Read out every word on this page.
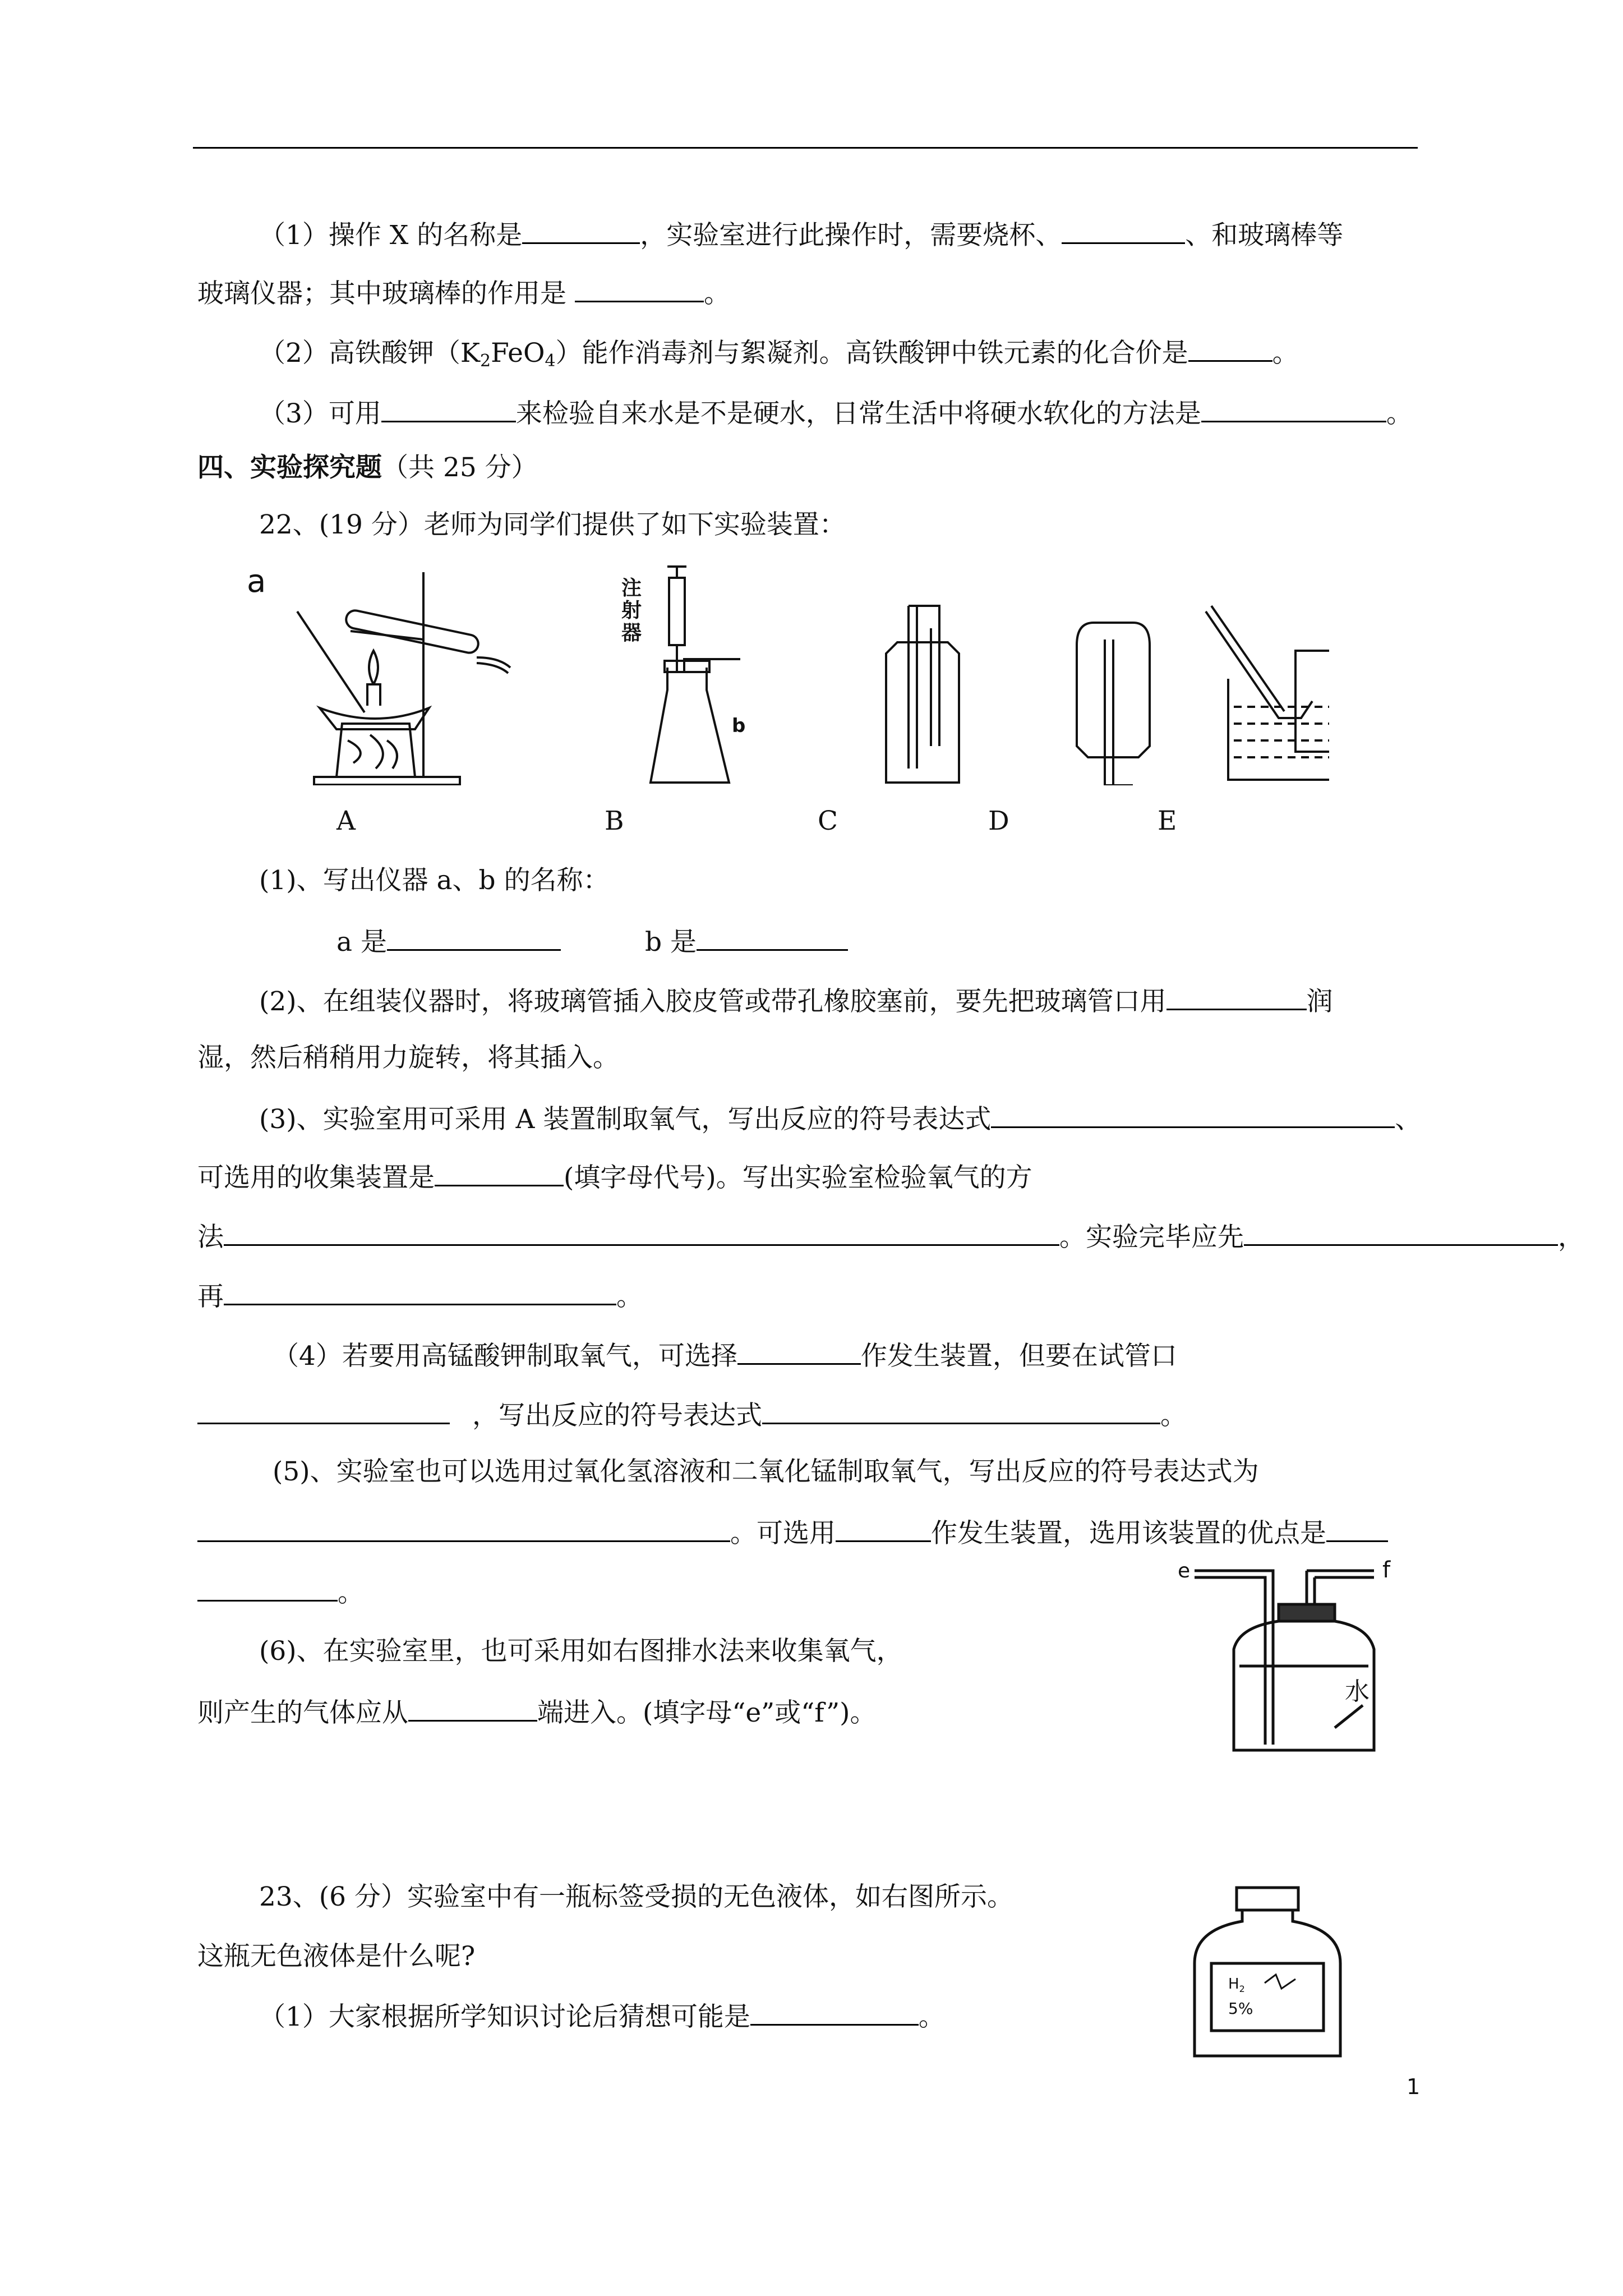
（1）操作 X 的名称是	，实验室进行此操作时，需要烧杯、	、和玻璃棒等
玻璃仪器；其中玻璃棒的作用是	。
（2）高铁酸钾$(K_2FeO_4)$能作消毒剂与絮凝剂。高铁酸钾中铁元素的化合价是	。
（3）可用	来检验自来水是不是硬水，日常生活中将硬水软化的方法是	。
四、实验探究题（共 25 分）
22、(19 分）老师为同学们提供了如下实验装置：
a
b
注
射
器
A	B	C	D	E
(1)、写出仪器 a、b 的名称：
a 是	b 是
(2)、在组装仪器时，将玻璃管插入胶皮管或带孔橡胶塞前，要先把玻璃管口用	润
湿，然后稍稍用力旋转，将其插入。
(3)、实验室用可采用 A 装置制取氧气，写出反应的符号表达式	、
可选用的收集装置是	(填字母代号)。写出实验室检验氧气的方
法	。实验完毕应先	，
再	。
（4）若要用高锰酸钾制取氧气，可选择	作发生装置，但要在试管口
，写出反应的符号表达式	。
(5)、实验室也可以选用过氧化氢溶液和二氧化锰制取氧气，写出反应的符号表达式为
。可选用	作发生装置，选用该装置的优点是
。
(6)、在实验室里，也可采用如右图排水法来收集氧气，
则产生的气体应从	端进入。(填字母“e”或“f”)。
e	f
水
23、(6 分）实验室中有一瓶标签受损的无色液体，如右图所示。
这瓶无色液体是什么呢?
（1）大家根据所学知识讨论后猜想可能是	。
$H_2$
5%
1
